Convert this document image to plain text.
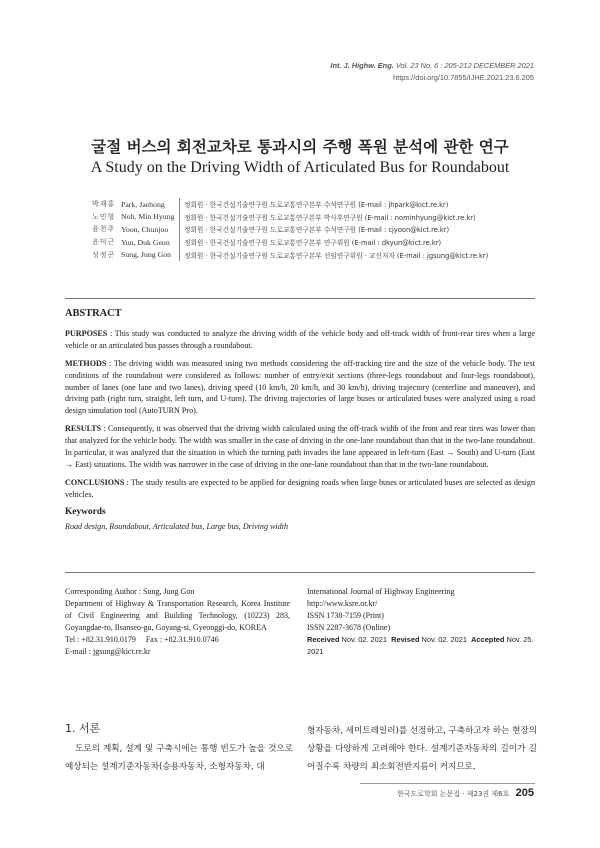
Int. J. Highw. Eng. Vol. 23 No. 6 : 205-212 DECEMBER 2021
https://doi.org/10.7855/IJHE.2021.23.6.205
굴절 버스의 회전교차로 통과시의 주행 폭원 분석에 관한 연구
A Study on the Driving Width of Articulated Bus for Roundabout
박재홍 Park, Jaehong	정회원 · 한국건설기술연구원 도로교통연구본부 수석연구원 (E-mail : jhpark@kict.re.kr)
노민형 Noh, Min Hyung	정회원 · 한국건설기술연구원 도로교통연구본부 박사후연구원 (E-mail : nominhyung@kict.re.kr)
윤천주 Yoon, Chunjoo	정회원 · 한국건설기술연구원 도로교통연구본부 수석연구원 (E-mail : cjyoon@kict.re.kr)
윤덕근 Yun, Duk Geun	정회원 · 한국건설기술연구원 도로교통연구본부 연구위원 (E-mail : dkyun@kict.re.kr)
성정곤 Sung, Jung Gon	정회원 · 한국건설기술연구원 도로교통연구본부 선임연구위원 · 교신저자 (E-mail : jgsung@kict.re.kr)
ABSTRACT

PURPOSES : This study was conducted to analyze the driving width of the vehicle body and off-track width of front-rear tires when a large vehicle or an articulated bus passes through a roundabout.

METHODS : The driving width was measured using two methods considering the off-tracking tire and the size of the vehicle body. The test conditions of the roundabout were considered as follows: number of entry/exit sections (three-legs roundabout and four-legs roundabout), number of lanes (one lane and two lanes), driving speed (10 km/h, 20 km/h, and 30 km/h), driving trajectory (centerline and maneuver), and driving path (right turn, straight, left turn, and U-turn). The driving trajectories of large buses or articulated buses were analyzed using a road design simulation tool (AutoTURN Pro).

RESULTS : Consequently, it was observed that the driving width calculated using the off-track width of the front and rear tires was lower than that analyzed for the vehicle body. The width was smaller in the case of driving in the one-lane roundabout than that in the two-lane roundabout. In particular, it was analyzed that the situation in which the turning path invades the lane appeared in left-turn (East → South) and U-turn (East → East) situations. The width was narrower in the case of driving in the one-lane roundabout than that in the two-lane roundabout.

CONCLUSIONS : The study results are expected to be applied for designing roads when large buses or articulated buses are selected as design vehicles.

Keywords
Road design, Roundabout, Articulated bus, Large bus, Driving width
Corresponding Author : Sung, Jung Gon
Department of Highway & Transportation Research, Korea Institute of Civil Engineering and Building Technology, (10223) 283, Goyangdae-ro, Ilsanseo-gu, Goyang-si, Gyeonggi-do, KOREA
Tel : +82.31.910.0179     Fax : +82.31.910.0746
E-mail : jgsung@kict.re.kr
International Journal of Highway Engineering
http://www.ksre.or.kr/
ISSN 1738-7159 (Print)
ISSN 2287-3678 (Online)
Received Nov. 02. 2021 Revised Nov. 02. 2021 Accepted Nov. 25. 2021
1. 서론

도로의 계획, 설계 및 구축시에는 통행 빈도가 높을 것으로 예상되는 설계기준자동차(승용자동차, 소형자동차, 대

형자동차, 세미트레일러)를 선정하고, 구축하고자 하는 현장의 상황을 다양하게 고려해야 한다. 설계기준자동차의 길이가 길어질수록 차량의 최소회전반지름이 커지므로,

한국도로학회 논문집 · 제23권 제6호 205
